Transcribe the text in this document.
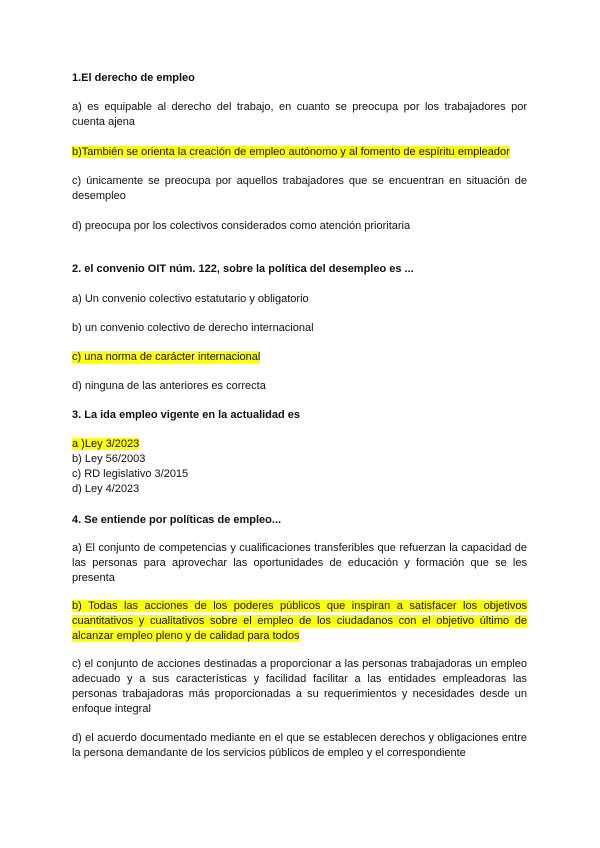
1.El derecho de empleo

a) es equipable al derecho del trabajo, en cuanto se preocupa por los trabajadores por cuenta ajena

b)También se orienta la creación de empleo autónomo y al fomento de espíritu empleador

c) únicamente se preocupa por aquellos trabajadores que se encuentran en situación de desempleo

d) preocupa por los colectivos considerados como atención prioritaria

2. el convenio OIT núm. 122, sobre la política del desempleo es ...

a) Un convenio colectivo estatutario y obligatorio

b) un convenio colectivo de derecho internacional

c) una norma de carácter internacional

d) ninguna de las anteriores es correcta

3. La ida empleo vigente en la actualidad es

a )Ley 3/2023
b) Ley 56/2003
c) RD legislativo 3/2015
d) Ley 4/2023

4. Se entiende por políticas de empleo...

a) El conjunto de competencias y cualificaciones transferibles que refuerzan la capacidad de las personas para aprovechar las oportunidades de educación y formación que se les presenta

b) Todas las acciones de los poderes públicos que inspiran a satisfacer los objetivos cuantitativos y cualitativos sobre el empleo de los ciudadanos con el objetivo último de alcanzar empleo pleno y de calidad para todos

c) el conjunto de acciones destinadas a proporcionar a las personas trabajadoras un empleo adecuado y a sus características y facilidad facilitar a las entidades empleadoras las personas trabajadoras más proporcionadas a su requerimientos y necesidades desde un enfoque integral

d) el acuerdo documentado mediante en el que se establecen derechos y obligaciones entre la persona demandante de los servicios públicos de empleo y el correspondiente
